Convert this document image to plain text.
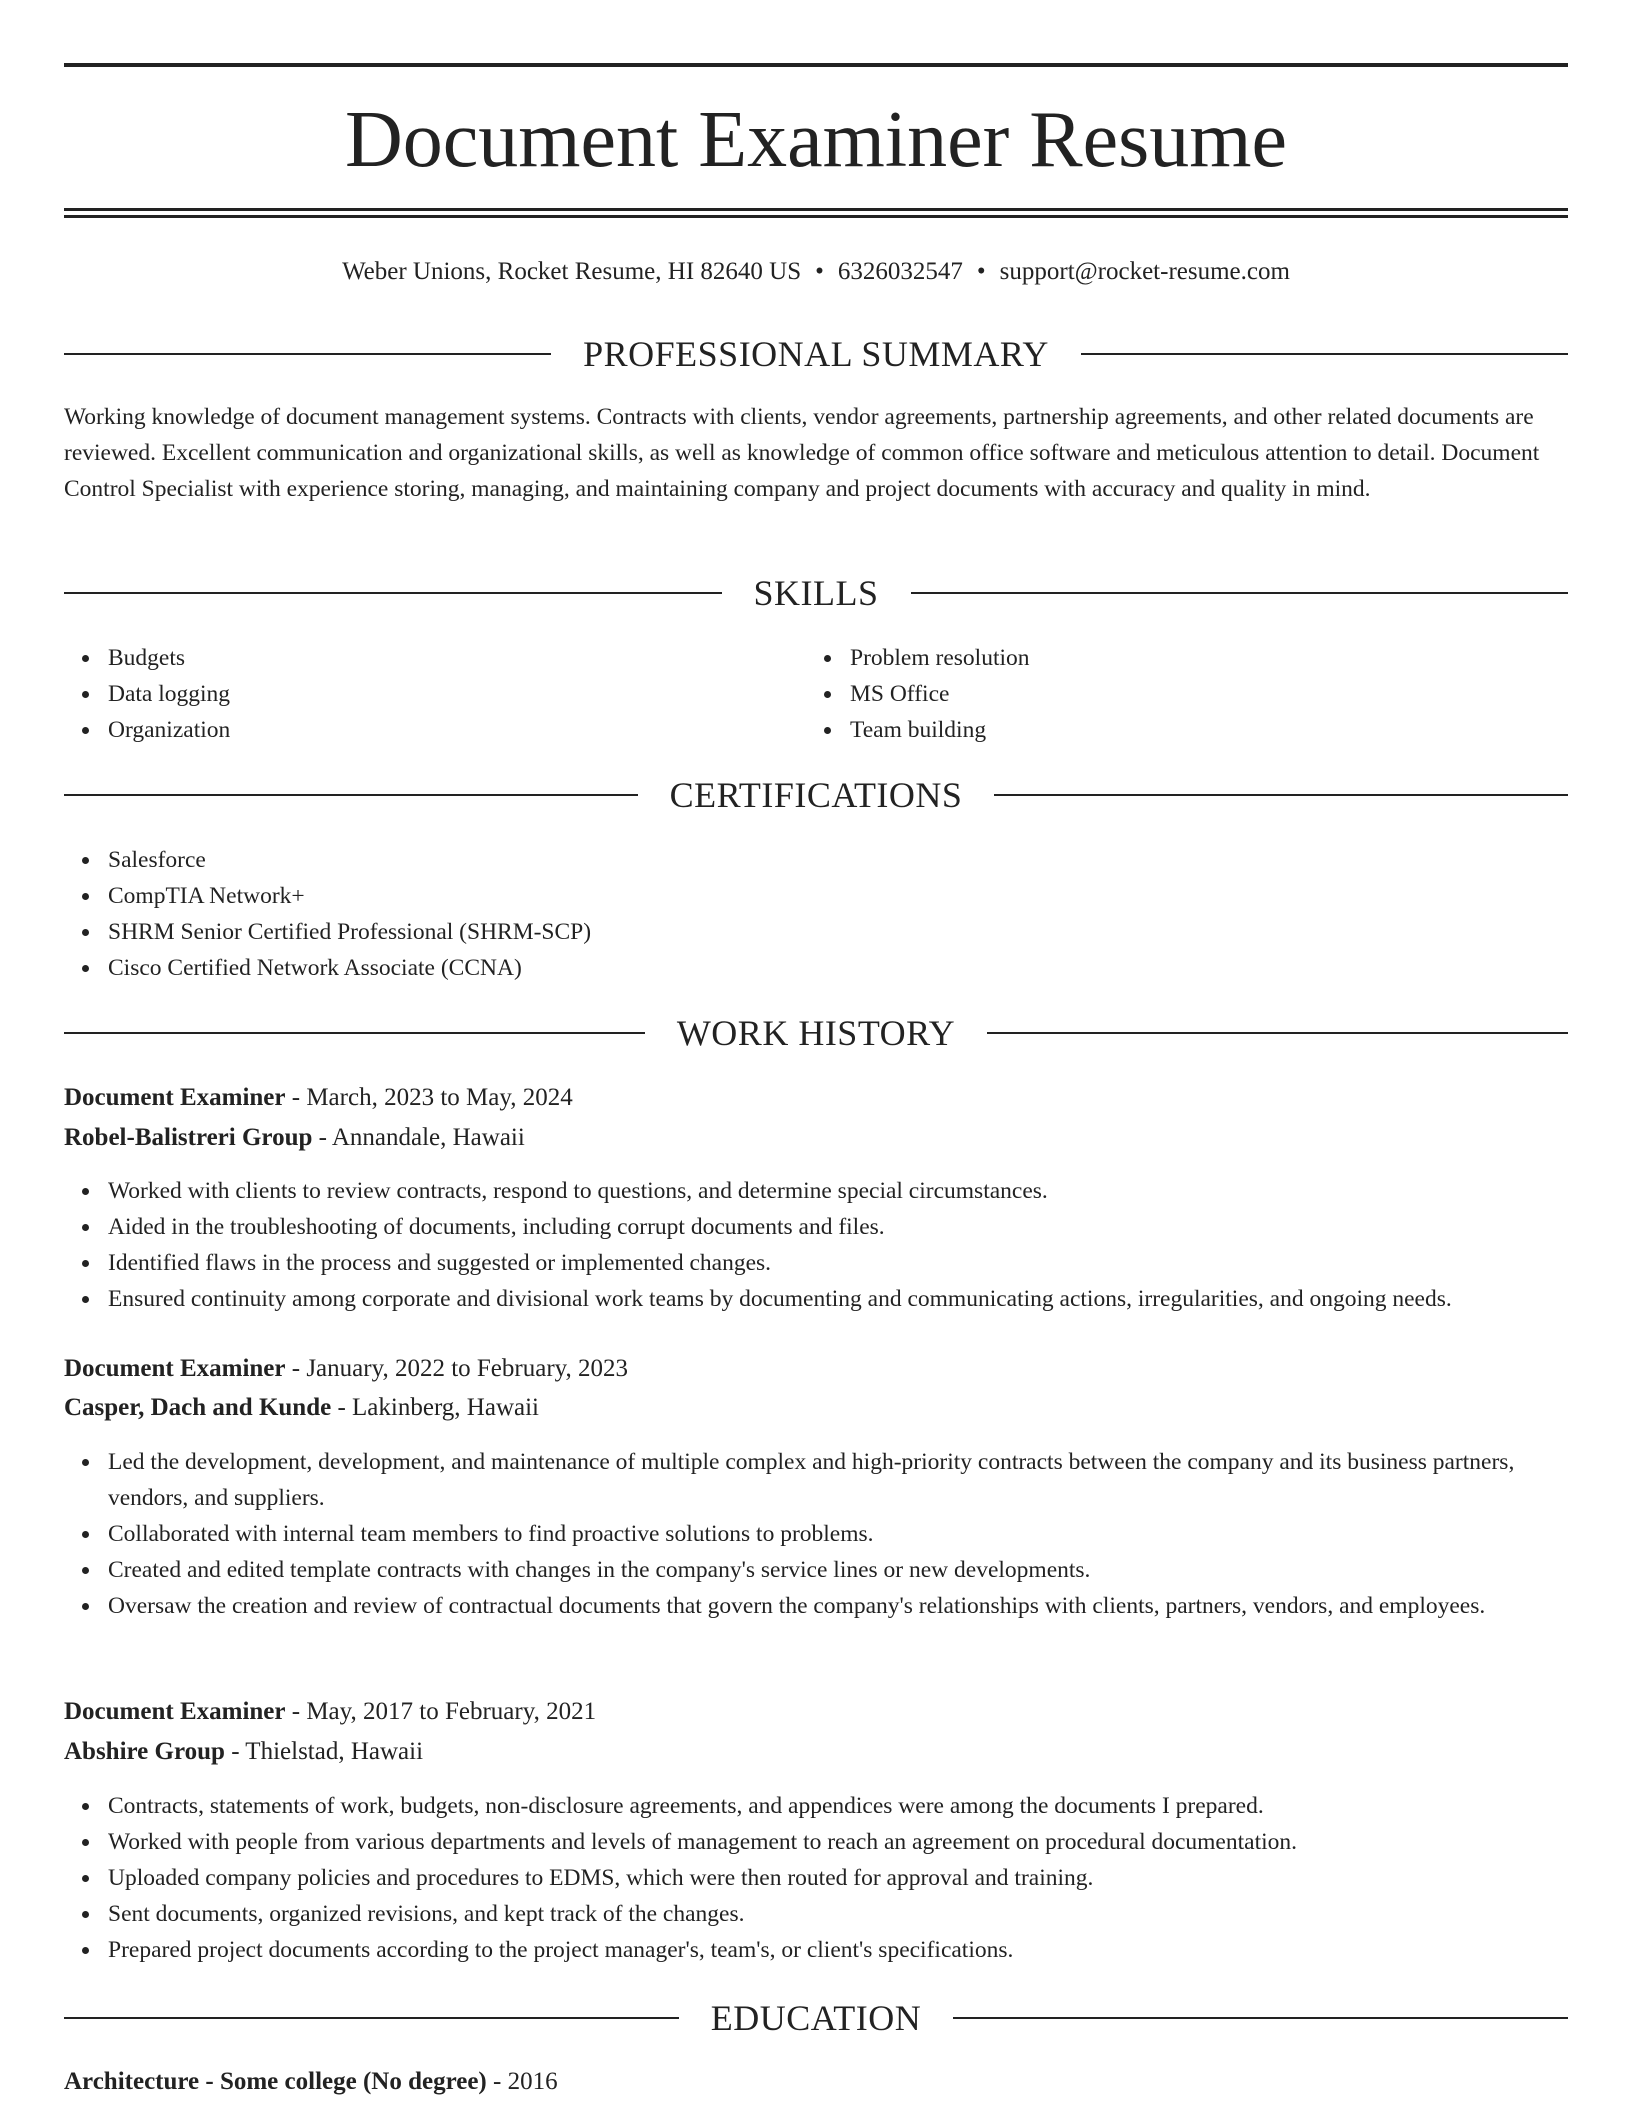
Document Examiner Resume
Weber Unions, Rocket Resume, HI 82640 US • 6326032547 • support@rocket-resume.com
PROFESSIONAL SUMMARY

Working knowledge of document management systems. Contracts with clients, vendor agreements, partnership agreements, and other related documents are reviewed. Excellent communication and organizational skills, as well as knowledge of common office software and meticulous attention to detail. Document Control Specialist with experience storing, managing, and maintaining company and project documents with accuracy and quality in mind.

SKILLS
Budgets
Data logging
Organization
Problem resolution
MS Office
Team building
CERTIFICATIONS
Salesforce
CompTIA Network+
SHRM Senior Certified Professional (SHRM-SCP)
Cisco Certified Network Associate (CCNA)
WORK HISTORY
Document Examiner - March, 2023 to May, 2024
Robel-Balistreri Group - Annandale, Hawaii
Worked with clients to review contracts, respond to questions, and determine special circumstances.
Aided in the troubleshooting of documents, including corrupt documents and files.
Identified flaws in the process and suggested or implemented changes.
Ensured continuity among corporate and divisional work teams by documenting and communicating actions, irregularities, and ongoing needs.
Document Examiner - January, 2022 to February, 2023
Casper, Dach and Kunde - Lakinberg, Hawaii
Led the development, development, and maintenance of multiple complex and high-priority contracts between the company and its business partners, vendors, and suppliers.
Collaborated with internal team members to find proactive solutions to problems.
Created and edited template contracts with changes in the company's service lines or new developments.
Oversaw the creation and review of contractual documents that govern the company's relationships with clients, partners, vendors, and employees.
Document Examiner - May, 2017 to February, 2021
Abshire Group - Thielstad, Hawaii
Contracts, statements of work, budgets, non-disclosure agreements, and appendices were among the documents I prepared.
Worked with people from various departments and levels of management to reach an agreement on procedural documentation.
Uploaded company policies and procedures to EDMS, which were then routed for approval and training.
Sent documents, organized revisions, and kept track of the changes.
Prepared project documents according to the project manager's, team's, or client's specifications.
EDUCATION
Architecture - Some college (No degree) - 2016
